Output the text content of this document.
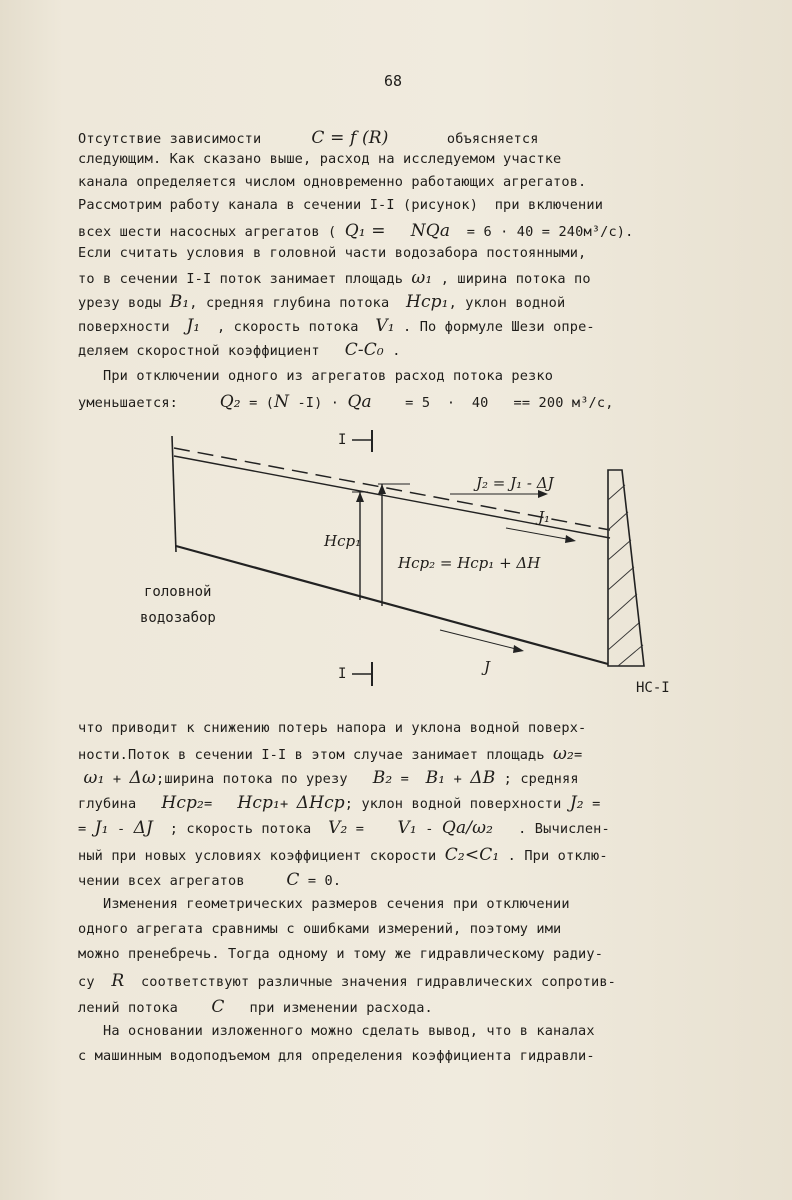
68
Отсутствие зависимости      C = f (R)       объясняется
следующим. Как сказано выше, расход на исследуемом участке
канала определяется числом одновременно работающих агрегатов.
Рассмотрим работу канала в сечении I-I (рисунок)  при включении
всех шести насосных агрегатов ( Q₁ = NQa  = 6 · 40 = 240м³/с).
Если считать условия в головной части водозабора постоянными,
то в сечении I-I поток занимает площадь ω₁ , ширина потока по
урезу воды B₁, средняя глубина потока  Hср₁, уклон водной
поверхности  J₁  , скорость потока  V₁ . По формуле Шези опре-
деляем скоростной коэффициент   C-C₀ .
При отключении одного из агрегатов расход потока резко
уменьшается:     Q₂ = (N -I) · Qa    = 5  ·  40   == 200 м³/с,
что приводит к снижению потерь напора и уклона водной поверх-
ности.Поток в сечении I-I в этом случае занимает площадь ω₂=
ω₁ + Δω;ширина потока по урезу   B₂ =  B₁ + ΔB ; средняя
глубина   Hср₂=   Hср₁+ ΔHср; уклон водной поверхности J₂ =
= J₁ - ΔJ  ; скорость потока  V₂ =    V₁ - Qa/ω₂   . Вычислен-
ный при новых условиях коэффициент скорости C₂<C₁ . При отклю-
чении всех агрегатов     C = 0.
Изменения геометрических размеров сечения при отключении
одного агрегата сравнимы с ошибками измерений, поэтому ими
можно пренебречь. Тогда одному и тому же гидравлическому радиу-
су  R  соответствуют различные значения гидравлических сопротив-
лений потока    C   при изменении расхода.
На основании изложенного можно сделать вывод, что в каналах
с машинным водоподъемом для определения коэффициента гидравли-
I
I
Hср₁
Hср₂ = Hср₁ + ΔH
J₂ = J₁ - ΔJ
J₁
J
головной
водозабор
НС-I
